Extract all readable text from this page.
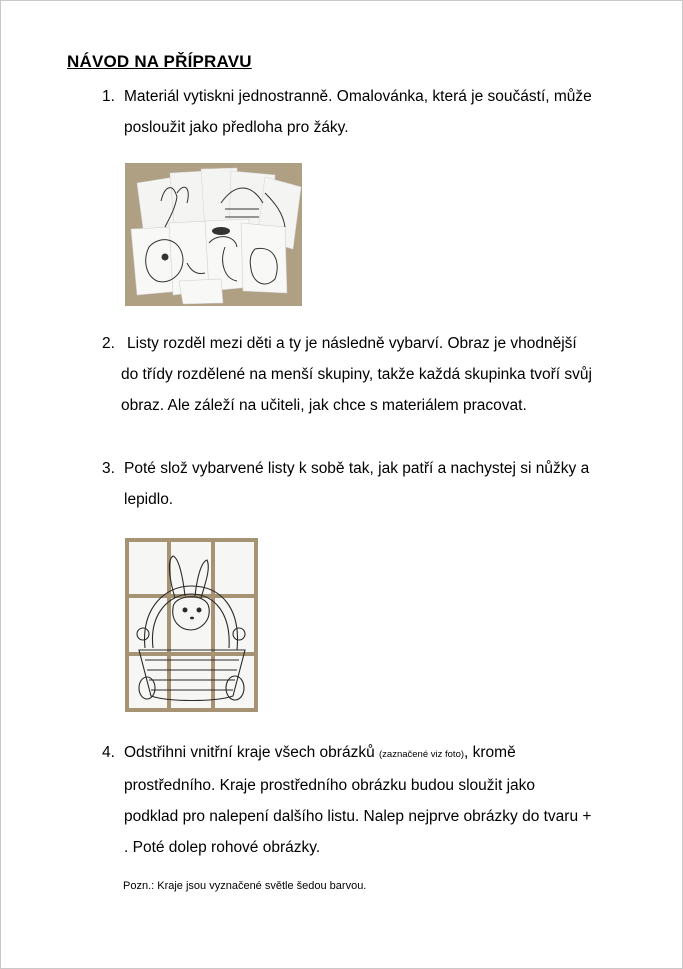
NÁVOD NA PŘÍPRAVU
1. Materiál vytiskni jednostranně. Omalovánka, která je součástí, může posloužit jako předloha pro žáky.
2. Listy rozděl mezi děti a ty je následně vybarví. Obraz je vhodnější do třídy rozdělené na menší skupiny, takže každá skupinka tvoří svůj obraz. Ale záleží na učiteli, jak chce s materiálem pracovat.
3. Poté slož vybarvené listy k sobě tak, jak patří a nachystej si nůžky a lepidlo.
4. Odstřihni vnitřní kraje všech obrázků (zaznačené viz foto), kromě prostředního. Kraje prostředního obrázku budou sloužit jako podklad pro nalepení dalšího listu. Nalep nejprve obrázky do tvaru + . Poté dolep rohové obrázky.
Pozn.: Kraje jsou vyznačené světle šedou barvou.
